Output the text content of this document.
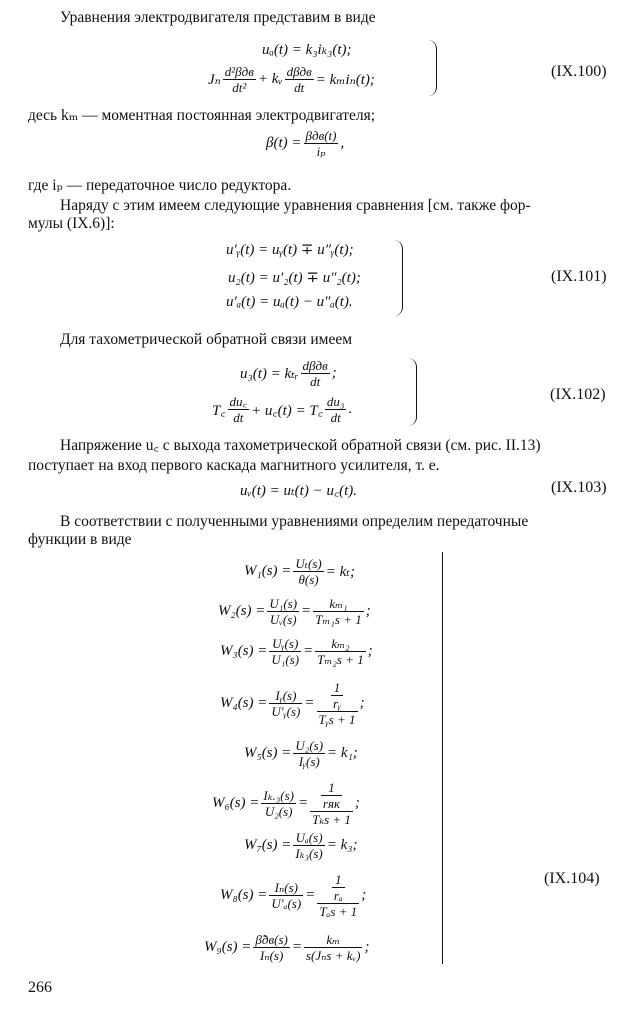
Уравнения электродвигателя представим в виде
uₐ(t) = k₃iₖ₃(t);
Jₙ $\frac{\text{d²βдв}}{\text{dt²}}$ + kᵥ $\frac{\text{dβдв}}{dt} = k_mi_n(t)$;	(IX.100)
десь kₘ — моментная постоянная электродвигателя;
$\beta(t) = \frac{\text{βдв(t)}}{\text{iₚ}}$ ,
где iₚ — передаточное число редуктора.
Наряду с этим имеем следующие уравнения сравнения [см. также фор-
мулы (IX.6)]:
u′ᵧ(t) = uᵧ(t) ∓ u″ᵧ(t);
u₂(t) = u′₂(t) ∓ u″₂(t);
u′ₐ(t) = uₐ(t) − u″ₐ(t).
(IX.101)
Для тахометрической обратной связи имеем
u₃(t) = kₜᵣ $\frac{\text{dβдв}}{dt}$ ;
T꜀ $\frac{du꜀}{dt}$ + u꜀(t) = T꜀ $\frac{\text{du₃}}{dt}$ .
(IX.102)
Напряжение u꜀ с выхода тахометрической обратной связи (см. рис. II.13)
поступает на вход первого каскада магнитного усилителя, т. е.
uᵥ(t) = uₜ(t) − u꜀(t).	(IX.103)
В соответствии с полученными уравнениями определим передаточные
функции в виде
$W_1(s) = \frac{\text{Uₜ(s)}}{\theta(s)} = k_t$;
$W_2(s) = \frac{\text{U₁(s)}}{\text{Uᵥ(s)}} = \frac{\text{kₘ₁}}{\text{Tₘ₁s + 1}}$ ;
$W_3(s) = \frac{\text{Uᵧ(s)}}{\text{U₁(s)}} = \frac{\text{kₘ₂}}{\text{Tₘ₂s + 1}}$ ;
$W_4(s) = \frac{\text{Iᵧ(s)}}{\text{U′ᵧ(s)}} = \frac{\frac{1}{\text{rᵧ}}}{\text{Tᵧs + 1}}$ ;
$W_5(s) = \frac{\text{U₂(s)}}{\text{Iᵧ(s)}} = k_1$;
$W_6(s) = \frac{\text{Iₖ.₃(s)}}{\text{U₂(s)}} = \frac{\frac{1}{\text{rяк}}}{\text{Tₖs + 1}}$ ;
$W_7(s) = \frac{\text{Uₐ(s)}}{\text{Iₖ₃(s)}} = k_3$;
$W_8(s) = \frac{\text{Iₙ(s)}}{\text{U′ₐ(s)}} = \frac{\frac{1}{\text{rₐ}}}{\text{Tₐs + 1}}$ ;
$W_9(s) = \frac{\betãдв(s)}{\text{Iₙ(s)}} = \frac{\text{kₘ}}{\text{s(Jₙs + kᵥ)}}$ ;
(IX.104)
266
